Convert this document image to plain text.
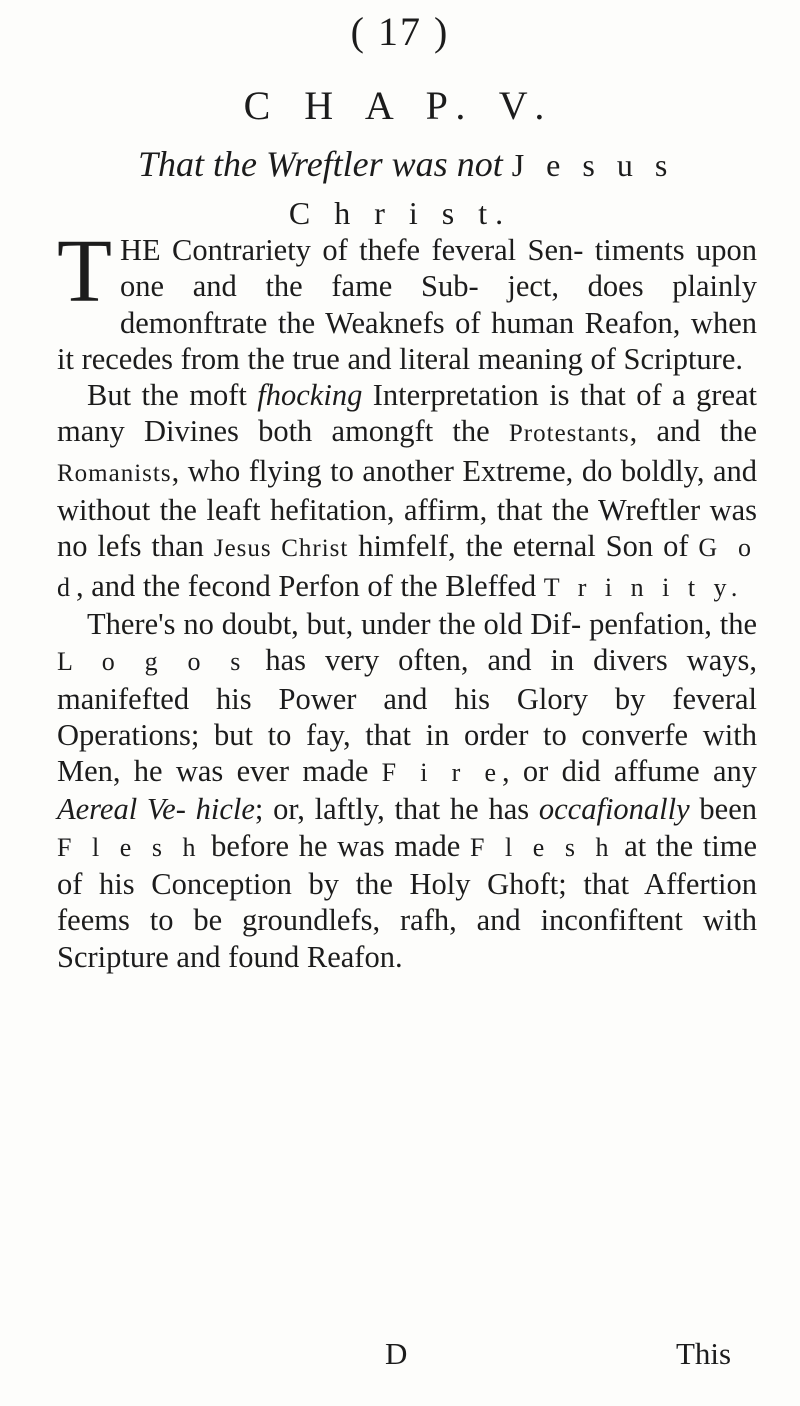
( 17 )
C H A P. V.
That the Wreftler was not J e s u s
C h r i s t.

THE Contrariety of thefe feveral Sen- timents upon one and the fame Sub- ject, does plainly demonftrate the Weaknefs of human Reafon, when it recedes from the true and literal meaning of Scripture.

But the moft fhocking Interpretation is that of a great many Divines both amongft the Protestants, and the Romanists, who flying to another Extreme, do boldly, and without the leaft hefitation, affirm, that the Wreftler was no lefs than Jesus Christ himfelf, the eternal Son of G o d, and the fecond Perfon of the Bleffed T r i n i t y.

There's no doubt, but, under the old Dif- penfation, the L o g o s has very often, and in divers ways, manifefted his Power and his Glory by feveral Operations; but to fay, that in order to converfe with Men, he was ever made F i r e, or did affume any Aereal Ve- hicle; or, laftly, that he has occafionally been F l e s h before he was made F l e s h at the time of his Conception by the Holy Ghoft; that Affertion feems to be groundlefs, rafh, and inconfiftent with Scripture and found Reafon.

D	This
